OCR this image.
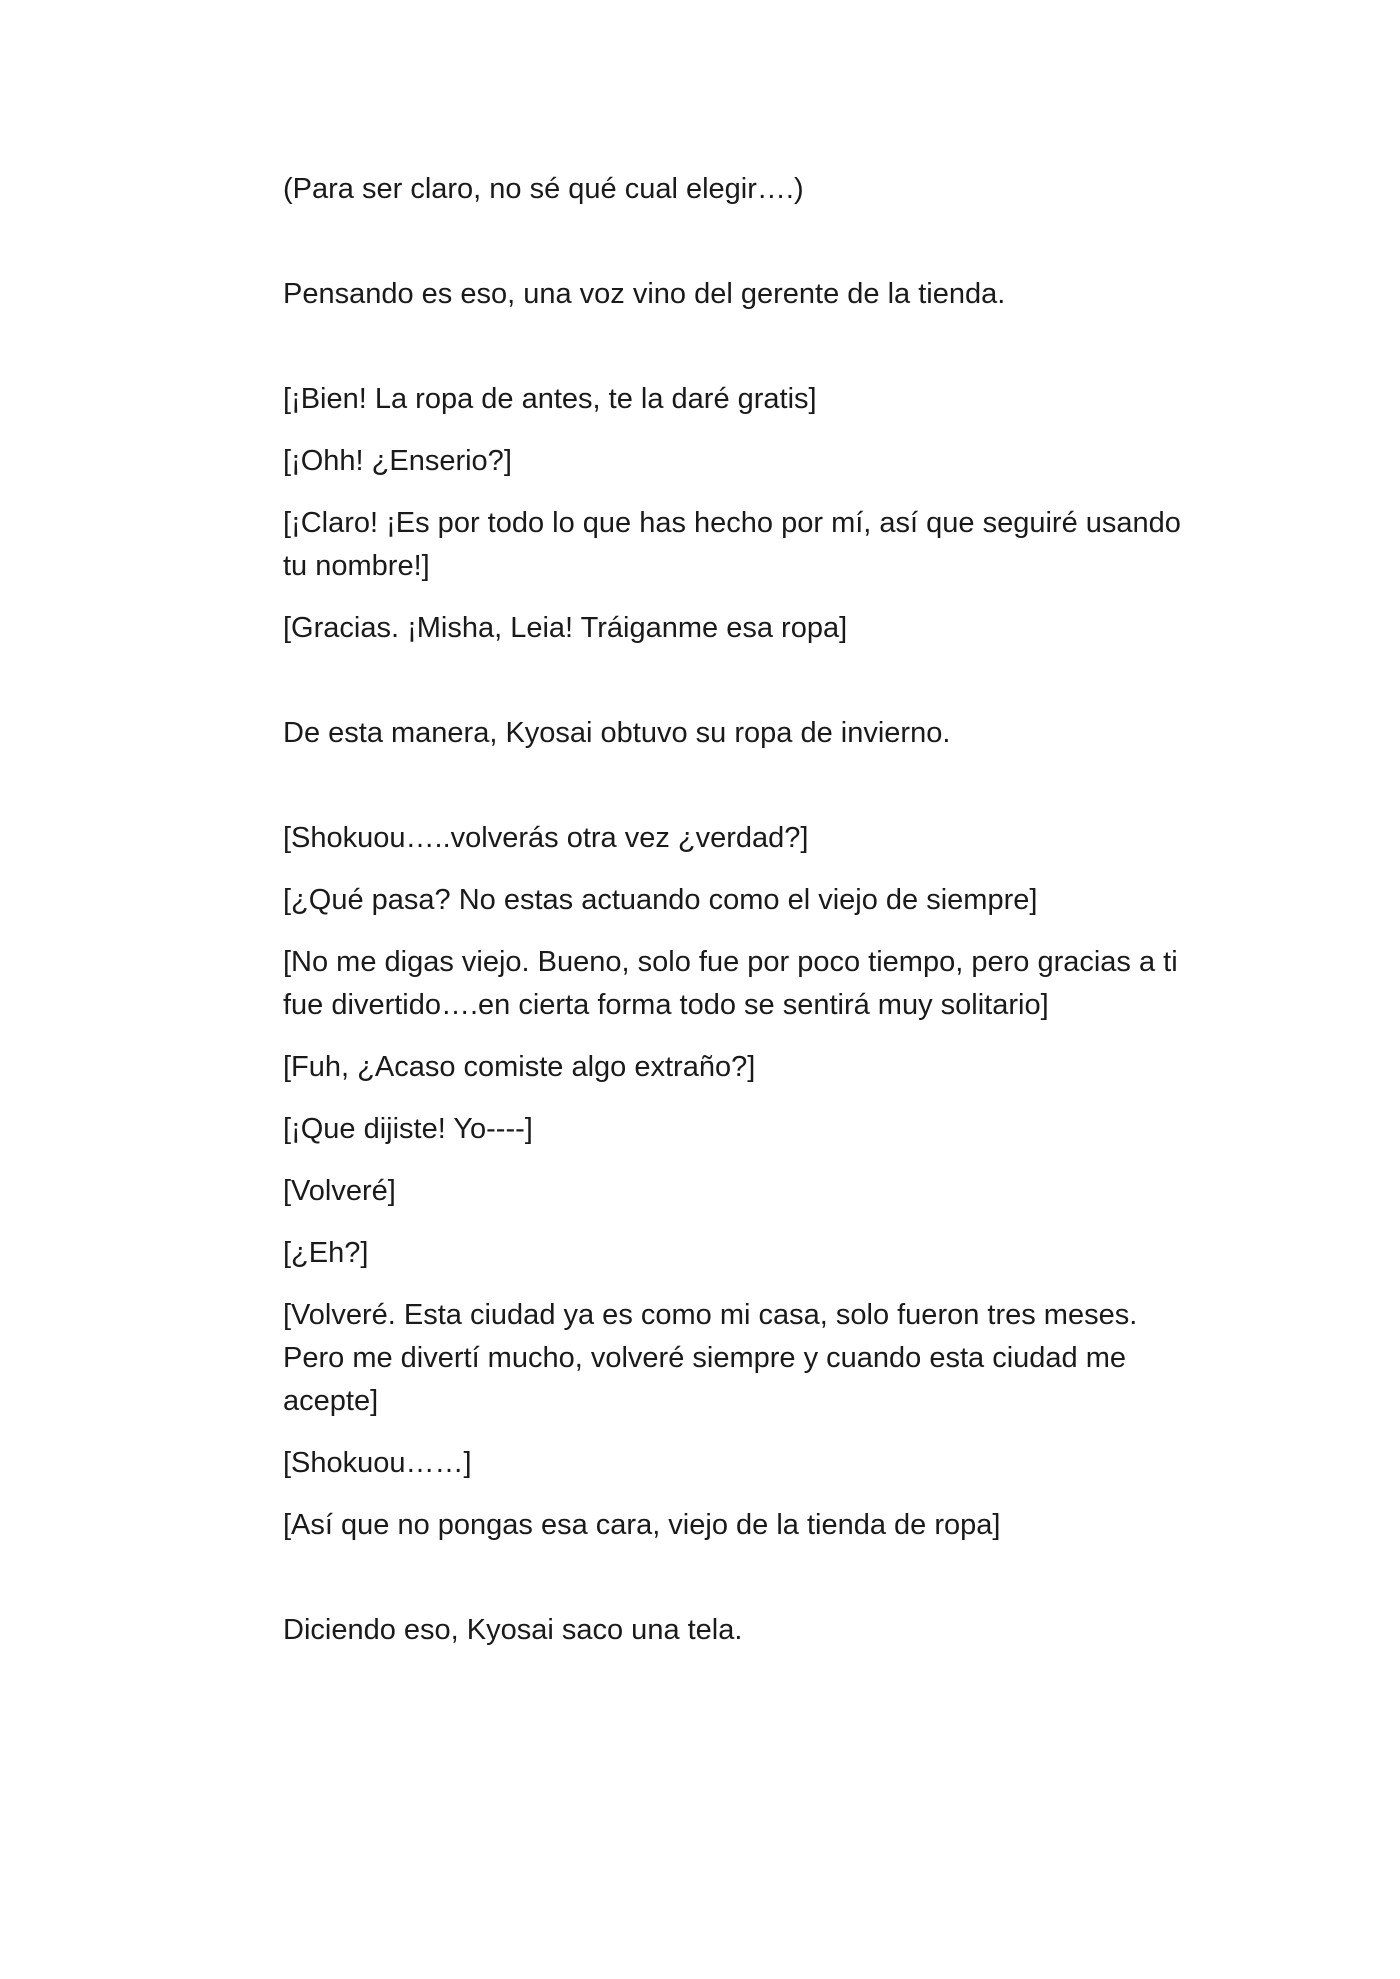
(Para ser claro, no sé qué cual elegir….)

Pensando es eso, una voz vino del gerente de la tienda.

[¡Bien! La ropa de antes, te la daré gratis]

[¡Ohh! ¿Enserio?]

[¡Claro! ¡Es por todo lo que has hecho por mí, así que seguiré usando tu nombre!]

[Gracias. ¡Misha, Leia! Tráiganme esa ropa]

De esta manera, Kyosai obtuvo su ropa de invierno.

[Shokuou…..volverás otra vez ¿verdad?]

[¿Qué pasa? No estas actuando como el viejo de siempre]

[No me digas viejo. Bueno, solo fue por poco tiempo, pero gracias a ti fue divertido….en cierta forma todo se sentirá muy solitario]

[Fuh, ¿Acaso comiste algo extraño?]

[¡Que dijiste! Yo----]

[Volveré]

[¿Eh?]

[Volveré. Esta ciudad ya es como mi casa, solo fueron tres meses. Pero me divertí mucho, volveré siempre y cuando esta ciudad me acepte]

[Shokuou……]

[Así que no pongas esa cara, viejo de la tienda de ropa]

Diciendo eso, Kyosai saco una tela.
